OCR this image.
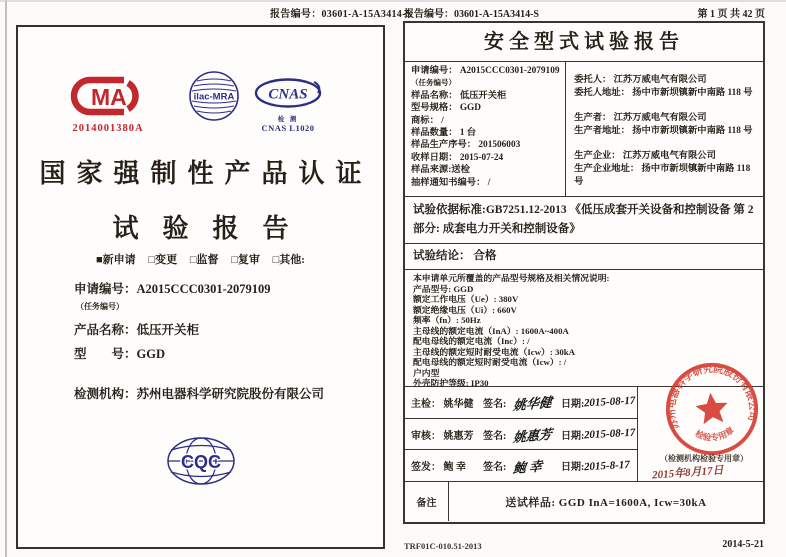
报告编号：03601-A-15A3414-S
MA
2014001380A
ilac-MRA CNAS
检 测
CNAS L1020
国家强制性产品认证
试验报告
■新申请 □变更 □监督 □复审 □其他:
申请编号：A2015CCC0301-2079109
（任务编号）
产品名称：低压开关柜
型　　号：GGD
检测机构：苏州电器科学研究院股份有限公司
CQC
报告编号：03601-A-15A3414-S	第 1 页 共 42 页
安全型式试验报告
申请编号： A2015CCC0301-2079109
（任务编号）
样品名称： 低压开关柜
型号规格： GGD
商标： /
样品数量： 1 台
样品生产序号： 201506003
收样日期： 2015-07-24
样品来源:送检
抽样通知书编号： /
委托人： 江苏万威电气有限公司
委托人地址： 扬中市新坝镇新中南路 118 号
生产者： 江苏万威电气有限公司
生产者地址： 扬中市新坝镇新中南路 118 号
生产企业： 江苏万威电气有限公司
生产企业地址： 扬中市新坝镇新中南路 118 号
试验依据标准:GB7251.12-2013 《低压成套开关设备和控制设备 第 2 部分: 成套电力开关和控制设备》
试验结论： 合格
本申请单元所覆盖的产品型号规格及相关情况说明:
产品型号: GGD
额定工作电压（Ue）: 380V
额定绝缘电压（Ui）: 660V
频率（fn）: 50Hz
主母线的额定电流（InA）: 1600A~400A
配电母线的额定电流（Inc）: /
主母线的额定短时耐受电流（Icw）: 30kA
配电母线的额定短时耐受电流（Icw）: /
户内型
外壳防护等级: IP30
主检： 姚华健 签名: 姚华健 日期: 2015-08-17
审核： 姚惠芳 签名: 姚惠芳 日期: 2015-08-17
签发： 鲍 幸	签名: 鲍 幸	日期: 2015-8-17
苏州电器科学研究院股份有限公司
检验专用章
（检测机构检验专用章）
2015年8月17日
备注	送试样品: GGD InA=1600A, Icw=30kA
TRF01C-010.51-2013	2014-5-21
